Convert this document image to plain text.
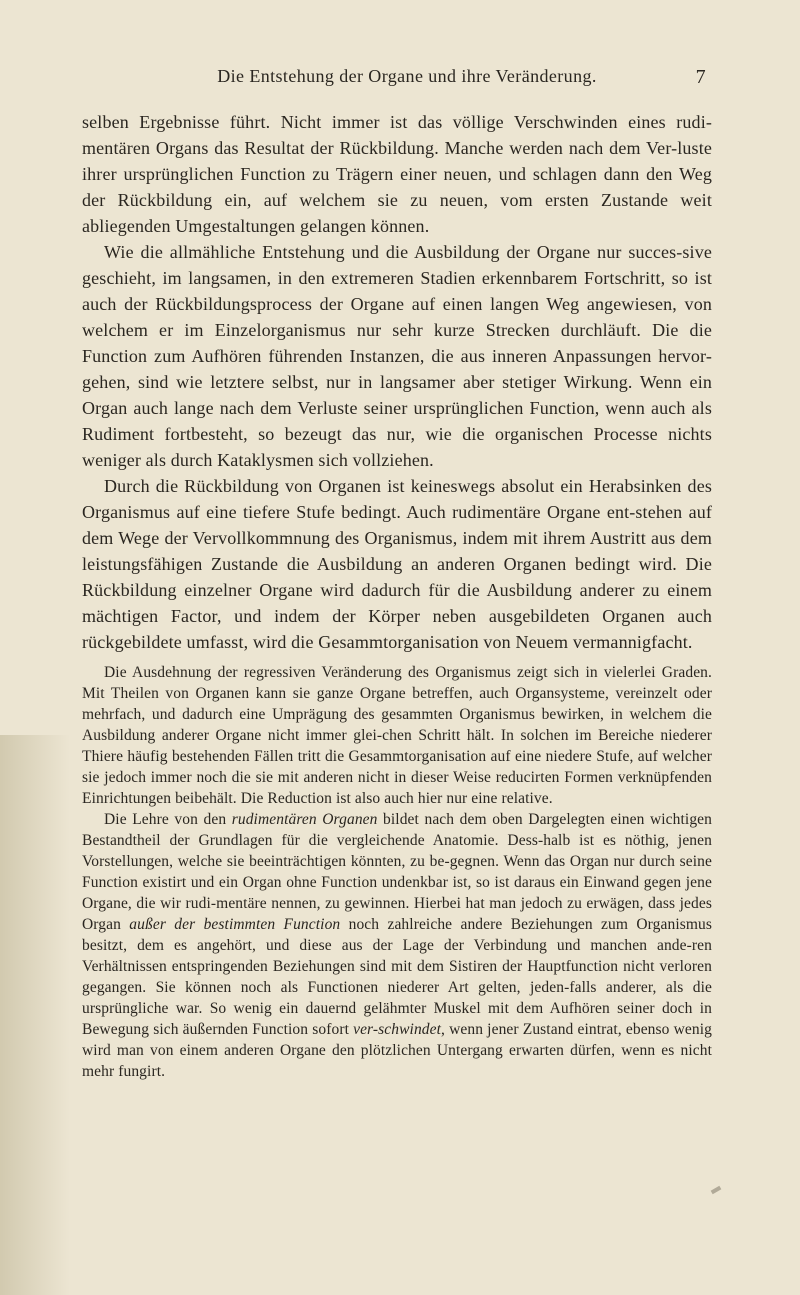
Die Entstehung der Organe und ihre Veränderung.	7

selben Ergebnisse führt. Nicht immer ist das völlige Verschwinden eines rudi-mentären Organs das Resultat der Rückbildung. Manche werden nach dem Ver-luste ihrer ursprünglichen Function zu Trägern einer neuen, und schlagen dann den Weg der Rückbildung ein, auf welchem sie zu neuen, vom ersten Zustande weit abliegenden Umgestaltungen gelangen können.

Wie die allmähliche Entstehung und die Ausbildung der Organe nur succes-sive geschieht, im langsamen, in den extremeren Stadien erkennbarem Fortschritt, so ist auch der Rückbildungsprocess der Organe auf einen langen Weg angewiesen, von welchem er im Einzelorganismus nur sehr kurze Strecken durchläuft. Die die Function zum Aufhören führenden Instanzen, die aus inneren Anpassungen hervor-gehen, sind wie letztere selbst, nur in langsamer aber stetiger Wirkung. Wenn ein Organ auch lange nach dem Verluste seiner ursprünglichen Function, wenn auch als Rudiment fortbesteht, so bezeugt das nur, wie die organischen Processe nichts weniger als durch Kataklysmen sich vollziehen.

Durch die Rückbildung von Organen ist keineswegs absolut ein Herabsinken des Organismus auf eine tiefere Stufe bedingt. Auch rudimentäre Organe ent-stehen auf dem Wege der Vervollkommnung des Organismus, indem mit ihrem Austritt aus dem leistungsfähigen Zustande die Ausbildung an anderen Organen bedingt wird. Die Rückbildung einzelner Organe wird dadurch für die Ausbildung anderer zu einem mächtigen Factor, und indem der Körper neben ausgebildeten Organen auch rückgebildete umfasst, wird die Gesammtorganisation von Neuem vermannigfacht.

Die Ausdehnung der regressiven Veränderung des Organismus zeigt sich in vielerlei Graden. Mit Theilen von Organen kann sie ganze Organe betreffen, auch Organsysteme, vereinzelt oder mehrfach, und dadurch eine Umprägung des gesammten Organismus bewirken, in welchem die Ausbildung anderer Organe nicht immer glei-chen Schritt hält. In solchen im Bereiche niederer Thiere häufig bestehenden Fällen tritt die Gesammtorganisation auf eine niedere Stufe, auf welcher sie jedoch immer noch die sie mit anderen nicht in dieser Weise reducirten Formen verknüpfenden Einrichtungen beibehält. Die Reduction ist also auch hier nur eine relative.

Die Lehre von den rudimentären Organen bildet nach dem oben Dargelegten einen wichtigen Bestandtheil der Grundlagen für die vergleichende Anatomie. Dess-halb ist es nöthig, jenen Vorstellungen, welche sie beeinträchtigen könnten, zu be-gegnen. Wenn das Organ nur durch seine Function existirt und ein Organ ohne Function undenkbar ist, so ist daraus ein Einwand gegen jene Organe, die wir rudi-mentäre nennen, zu gewinnen. Hierbei hat man jedoch zu erwägen, dass jedes Organ außer der bestimmten Function noch zahlreiche andere Beziehungen zum Organismus besitzt, dem es angehört, und diese aus der Lage der Verbindung und manchen ande-ren Verhältnissen entspringenden Beziehungen sind mit dem Sistiren der Hauptfunction nicht verloren gegangen. Sie können noch als Functionen niederer Art gelten, jeden-falls anderer, als die ursprüngliche war. So wenig ein dauernd gelähmter Muskel mit dem Aufhören seiner doch in Bewegung sich äußernden Function sofort ver-schwindet, wenn jener Zustand eintrat, ebenso wenig wird man von einem anderen Organe den plötzlichen Untergang erwarten dürfen, wenn es nicht mehr fungirt.
